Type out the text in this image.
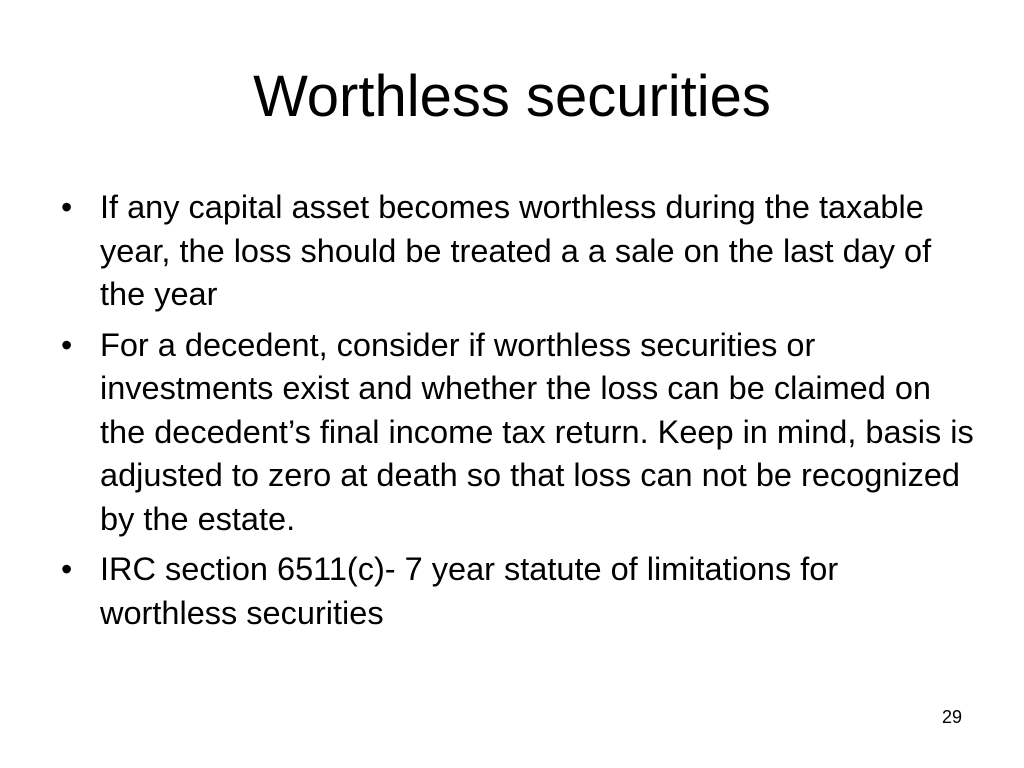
Worthless securities
• If any capital asset becomes worthless during the taxable year, the loss should be treated a a sale on the last day of the year
• For a decedent, consider if worthless securities or investments exist and whether the loss can be claimed on the decedent’s final income tax return. Keep in mind, basis is adjusted to zero at death so that loss can not be recognized by the estate.
• IRC section 6511(c)- 7 year statute of limitations for worthless securities
29
